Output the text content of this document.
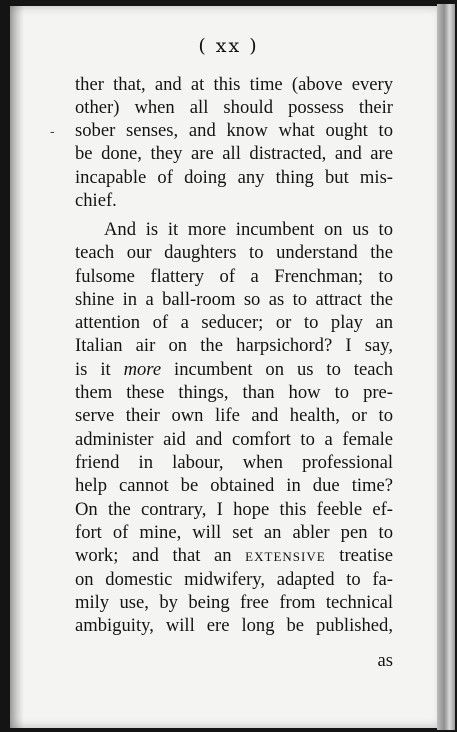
( xx )
-
ther that, and at this time (above every
other) when all should possess their
sober senses, and know what ought to
be done, they are all distracted, and are
incapable of doing any thing but mis-
chief.
And is it more incumbent on us to
teach our daughters to understand the
fulsome flattery of a Frenchman; to
shine in a ball-room so as to attract the
attention of a seducer; or to play an
Italian air on the harpsichord? I say,
is it more incumbent on us to teach
them these things, than how to pre-
serve their own life and health, or to
administer aid and comfort to a female
friend in labour, when professional
help cannot be obtained in due time?
On the contrary, I hope this feeble ef-
fort of mine, will set an abler pen to
work; and that an extensive treatise
on domestic midwifery, adapted to fa-
mily use, by being free from technical
ambiguity, will ere long be published,
as
